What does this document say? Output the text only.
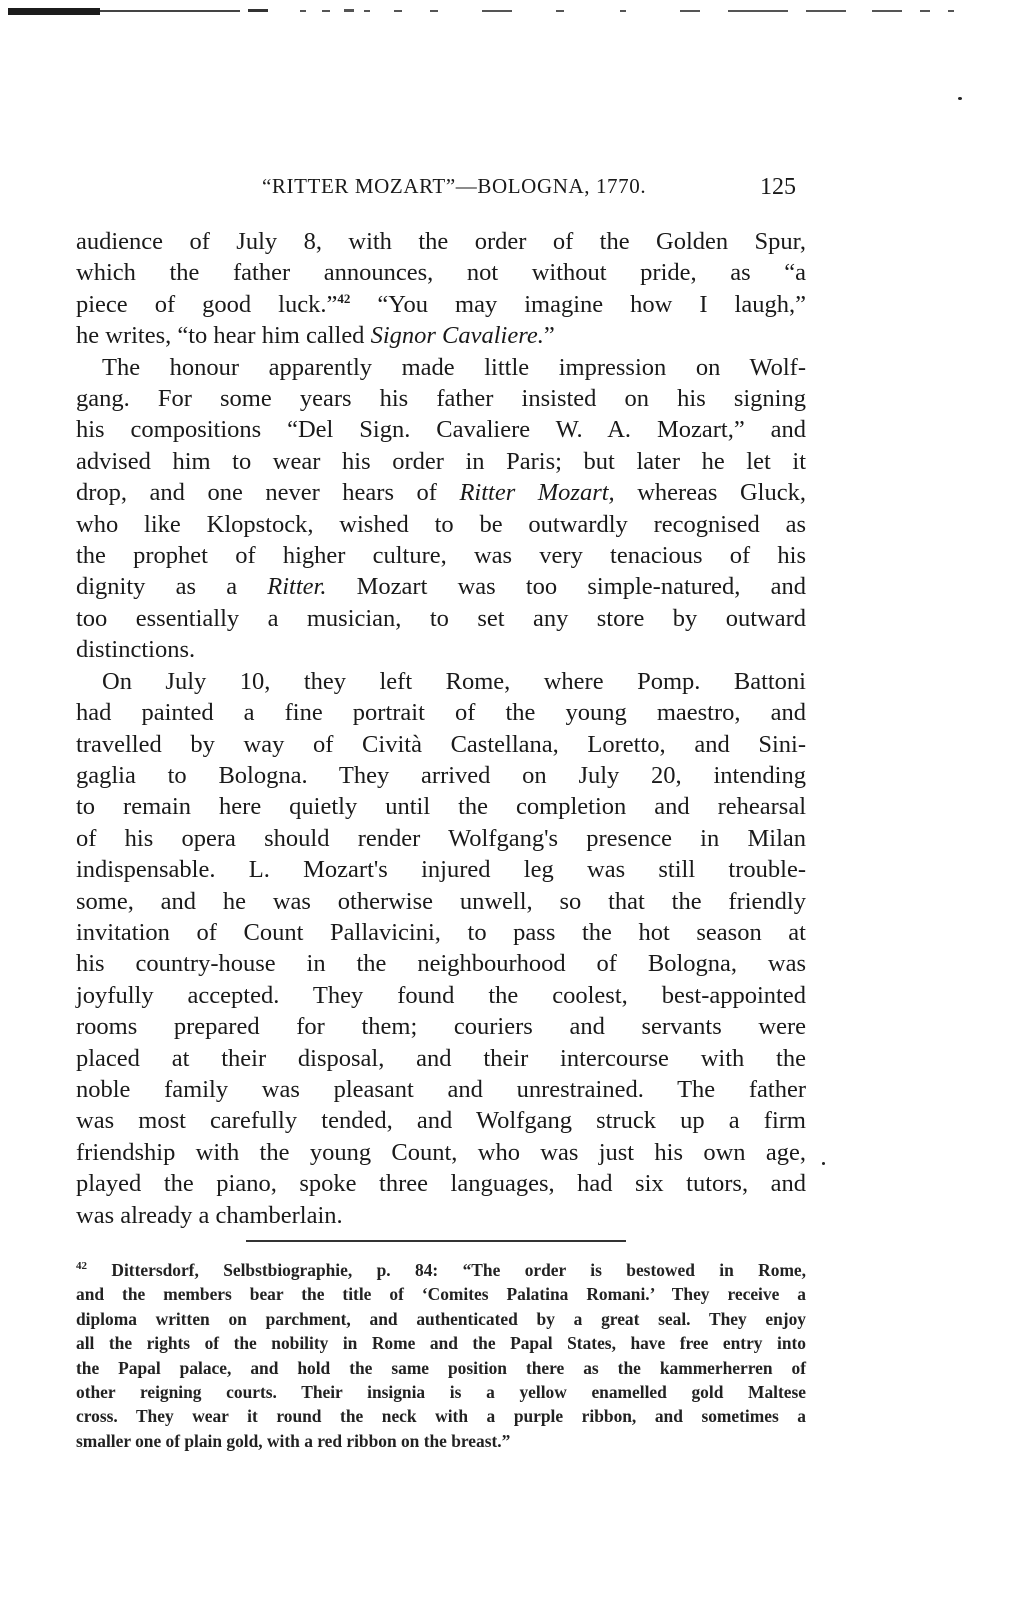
“RITTER MOZART”—BOLOGNA, 1770.	125
audience of July 8, with the order of the Golden Spur,
which the father announces, not without pride, as “a
piece of good luck.”$^{42}$ “You may imagine how I laugh,”
he writes, “to hear him called Signor Cavaliere.”
The honour apparently made little impression on Wolf-
gang. For some years his father insisted on his signing
his compositions “Del Sign. Cavaliere W. A. Mozart,” and
advised him to wear his order in Paris; but later he let it
drop, and one never hears of Ritter Mozart, whereas Gluck,
who like Klopstock, wished to be outwardly recognised as
the prophet of higher culture, was very tenacious of his
dignity as a Ritter. Mozart was too simple-natured, and
too essentially a musician, to set any store by outward
distinctions.
On July 10, they left Rome, where Pomp. Battoni
had painted a fine portrait of the young maestro, and
travelled by way of Cività Castellana, Loretto, and Sini-
gaglia to Bologna. They arrived on July 20, intending
to remain here quietly until the completion and rehearsal
of his opera should render Wolfgang's presence in Milan
indispensable. L. Mozart's injured leg was still trouble-
some, and he was otherwise unwell, so that the friendly
invitation of Count Pallavicini, to pass the hot season at
his country-house in the neighbourhood of Bologna, was
joyfully accepted. They found the coolest, best-appointed
rooms prepared for them; couriers and servants were
placed at their disposal, and their intercourse with the
noble family was pleasant and unrestrained. The father
was most carefully tended, and Wolfgang struck up a firm
friendship with the young Count, who was just his own age,
played the piano, spoke three languages, had six tutors, and
was already a chamberlain.
$^{42}$ Dittersdorf, Selbstbiographie, p. 84: “The order is bestowed in Rome,
and the members bear the title of ‘Comites Palatina Romani.’ They receive a
diploma written on parchment, and authenticated by a great seal. They enjoy
all the rights of the nobility in Rome and the Papal States, have free entry into
the Papal palace, and hold the same position there as the kammerherren of
other reigning courts. Their insignia is a yellow enamelled gold Maltese
cross. They wear it round the neck with a purple ribbon, and sometimes a
smaller one of plain gold, with a red ribbon on the breast.”
